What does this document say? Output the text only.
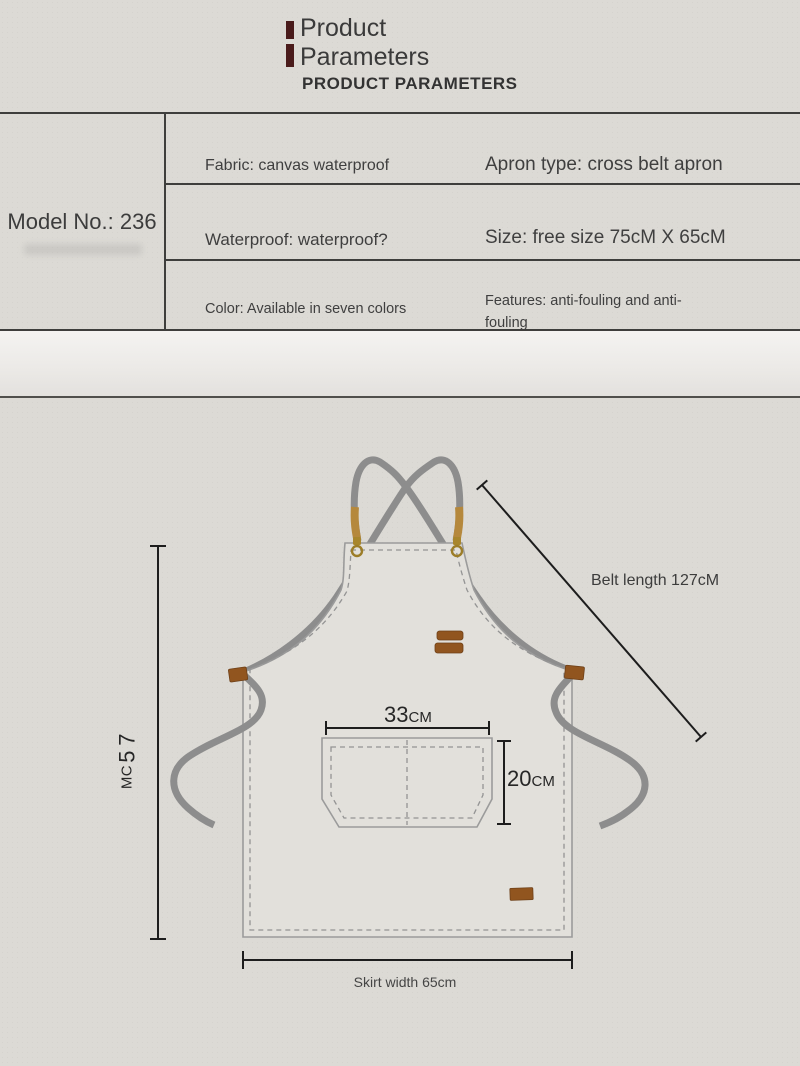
Product
Parameters
PRODUCT PARAMETERS
Model No.: 236
Fabric: canvas waterproof	Apron type: cross belt apron
Waterproof: waterproof?	Size: free size 75cM X 65cM
Color: Available in seven colors	Features: anti-fouling and anti-fouling
Belt length 127cM
7
5
C
M
33CM
20CM
Skirt width 65cm
